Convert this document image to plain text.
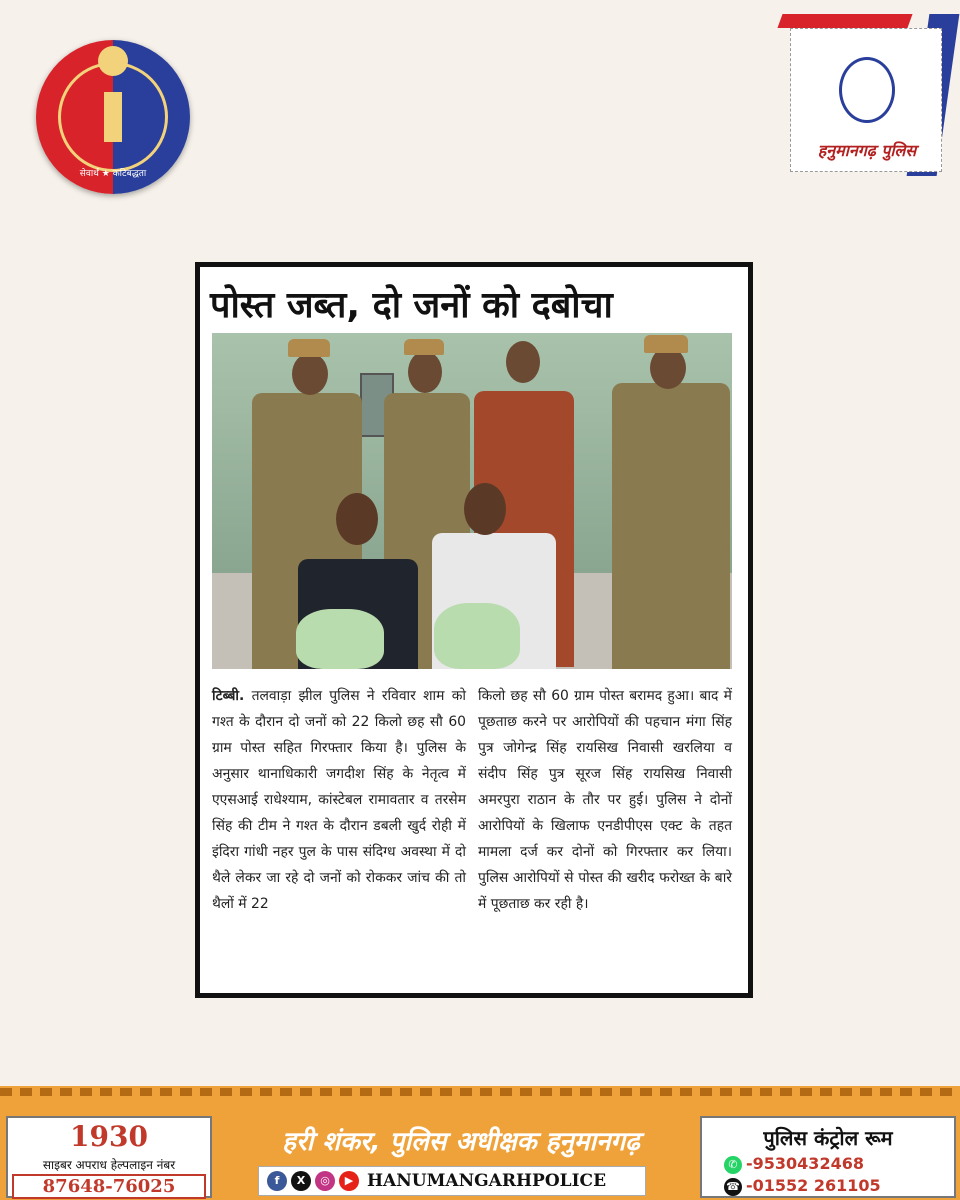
सेवार्थ ★ कटिबद्धता
हनुमानगढ़ पुलिस
पोस्त जब्त, दो जनों को दबोचा
टिब्बी. तलवाड़ा झील पुलिस ने रविवार शाम को गश्त के दौरान दो जनों को 22 किलो छह सौ 60 ग्राम पोस्त सहित गिरफ्तार किया है। पुलिस के अनुसार थानाधिकारी जगदीश सिंह के नेतृत्व में एएसआई राधेश्याम, कांस्टेबल रामावतार व तरसेम सिंह की टीम ने गश्त के दौरान डबली खुर्द रोही में इंदिरा गांधी नहर पुल के पास संदिग्ध अवस्था में दो थैले लेकर जा रहे दो जनों को रोककर जांच की तो थैलों में 22
किलो छह सौ 60 ग्राम पोस्त बरामद हुआ। बाद में पूछताछ करने पर आरोपियों की पहचान मंगा सिंह पुत्र जोगेन्द्र सिंह रायसिख निवासी खरलिया व संदीप सिंह पुत्र सूरज सिंह रायसिख निवासी अमरपुरा राठान के तौर पर हुई। पुलिस ने दोनों आरोपियों के खिलाफ एनडीपीएस एक्ट के तहत मामला दर्ज कर दोनों को गिरफ्तार कर लिया। पुलिस आरोपियों से पोस्त की खरीद फरोख्त के बारे में पूछताछ कर रही है।
1930
साइबर अपराध हेल्पलाइन नंबर
87648-76025
हरी शंकर, पुलिस अधीक्षक हनुमानगढ़
f	X	◎	▶ HANUMANGARHPOLICE
पुलिस कंट्रोल रूम
✆ -9530432468
☎ -01552 261105
